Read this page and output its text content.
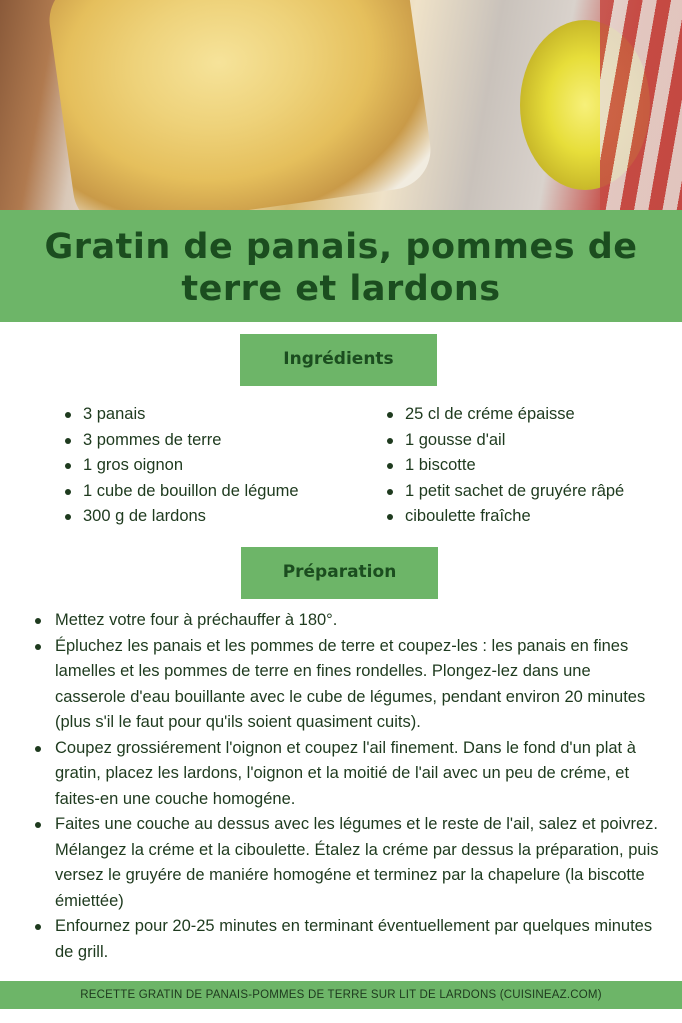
Gratin de panais, pommes de terre et lardons
Ingrédients
3 panais
3 pommes de terre
1 gros oignon
1 cube de bouillon de légume
300 g de lardons
25 cl de créme épaisse
1 gousse d'ail
1 biscotte
1 petit sachet de gruyére râpé
ciboulette fraîche
Préparation
Mettez votre four à préchauffer à 180°.
Épluchez les panais et les pommes de terre et coupez-les : les panais en fines lamelles et les pommes de terre en fines rondelles. Plongez-lez dans une casserole d'eau bouillante avec le cube de légumes, pendant environ 20 minutes (plus s'il le faut pour qu'ils soient quasiment cuits).
Coupez grossiérement l'oignon et coupez l'ail finement. Dans le fond d'un plat à gratin, placez les lardons, l'oignon et la moitié de l'ail avec un peu de créme, et faites-en une couche homogéne.
Faites une couche au dessus avec les légumes et le reste de l'ail, salez et poivrez. Mélangez la créme et la ciboulette. Étalez la créme par dessus la préparation, puis versez le gruyére de maniére homogéne et terminez par la chapelure (la biscotte émiettée)
Enfournez pour 20-25 minutes en terminant éventuellement par quelques minutes de grill.
RECETTE GRATIN DE PANAIS-POMMES DE TERRE SUR LIT DE LARDONS (CUISINEAZ.COM)
